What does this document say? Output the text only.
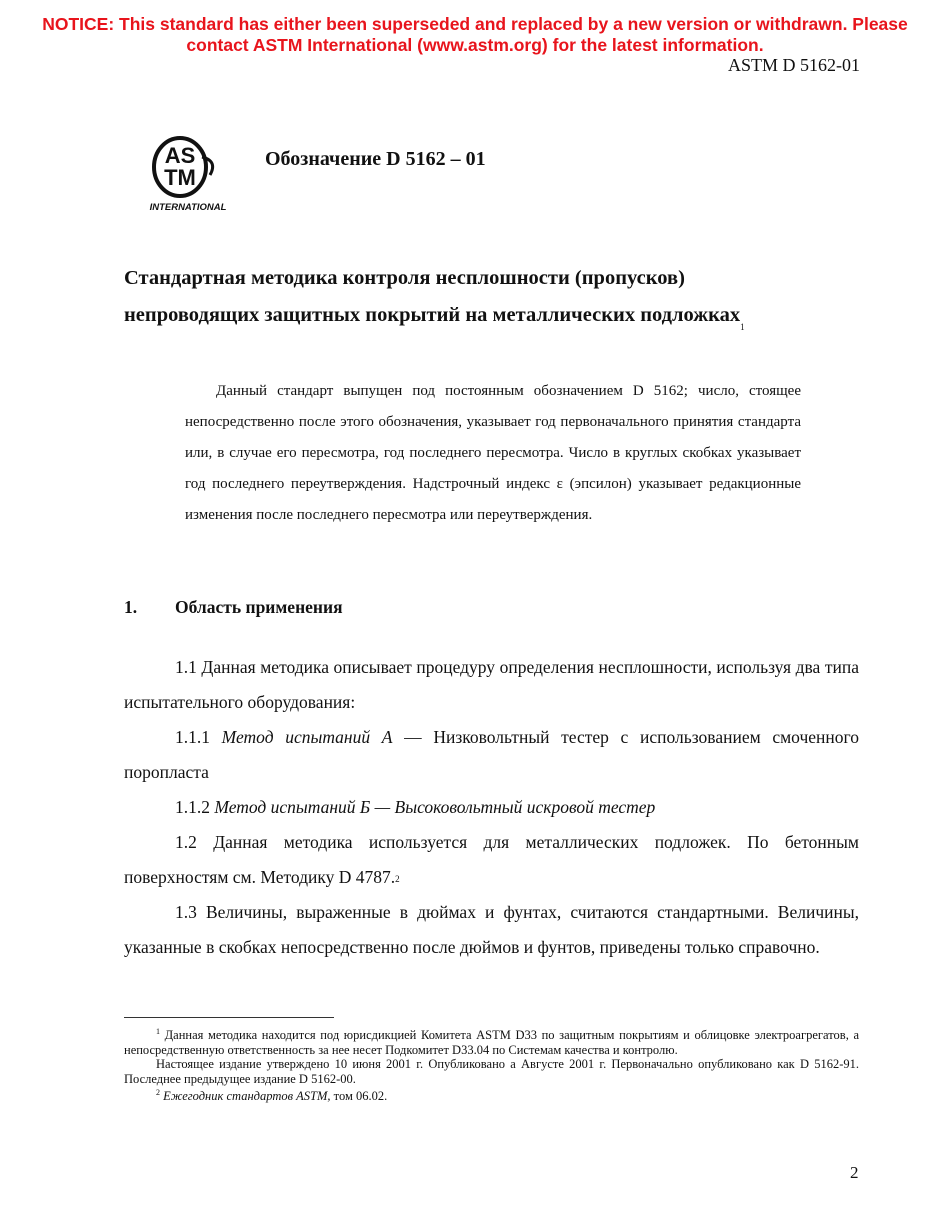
NOTICE: This standard has either been superseded and replaced by a new version or withdrawn. Please
contact ASTM International (www.astm.org) for the latest information.
ASTM D 5162-01
AS
TM
INTERNATIONAL
Обозначение D 5162 – 01
Стандартная методика контроля несплошности (пропусков)
непроводящих защитных покрытий на металлических подложках$^1$

Данный стандарт выпущен под постоянным обозначением D 5162; число, стоящее непосредственно после этого обозначения, указывает год первоначального принятия стандарта или, в случае его пересмотра, год последнего пересмотра. Число в круглых скобках указывает год последнего переутверждения. Надстрочный индекс ε (эпсилон) указывает редакционные изменения после последнего пересмотра или переутверждения.

1. Область применения

1.1 Данная методика описывает процедуру определения несплошности, используя два типа испытательного оборудования:

1.1.1 Метод испытаний А — Низковольтный тестер с использованием смоченного поропласта

1.1.2 Метод испытаний Б — Высоковольтный искровой тестер

1.2 Данная методика используется для металлических подложек. По бетонным поверхностям см. Методику D 4787.$^2$

1.3 Величины, выраженные в дюймах и фунтах, считаются стандартными. Величины, указанные в скобках непосредственно после дюймов и фунтов, приведены только справочно.

$^1$ Данная методика находится под юрисдикцией Комитета ASTM D33 по защитным покрытиям и облицовке электроагрегатов, а непосредственную ответственность за нее несет Подкомитет D33.04 по Системам качества и контролю.

Настоящее издание утверждено 10 июня 2001 г. Опубликовано а Августе 2001 г. Первоначально опубликовано как D 5162-91. Последнее предыдущее издание D 5162-00.

$^2$ Ежегодник стандартов ASTM, том 06.02.

2
